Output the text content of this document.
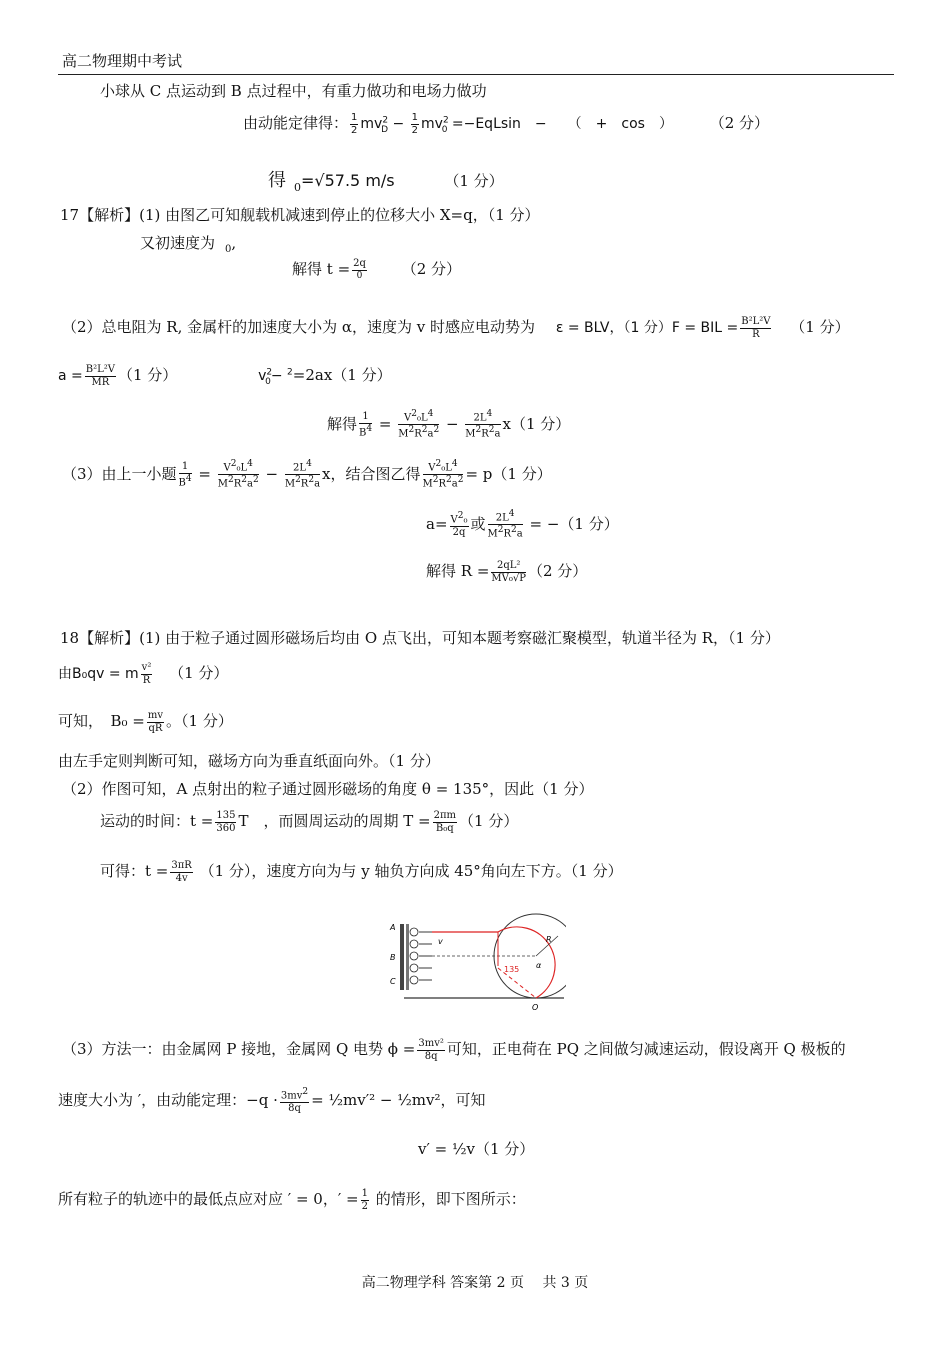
高二物理期中考试
小球从 C 点运动到 B 点过程中，有重力做功和电场力做功
由动能定律得： $\frac{1}{2} mv^2_D - \frac{1}{2} mv^2_0 =-EqLsin$　−　　（　+　cos　） （2 分）
得 $_0$=√57.5 m/s	（1 分）
17【解析】(1) 由图乙可知舰载机减速到停止的位移大小 X=q，（1 分）
又初速度为 $_0$,
解得 $t = \frac{2q}{0} (2$ 分）
（2）总电阻为 R, 金属杆的加速度大小为 α，速度为 v 时感应电动势为 ε = BLV，（1 分）F = BIL = $\frac{\text{B²L²V}}{R} (1$ 分）
$a = \frac{\text{B²L²V}}{MR} (1$ 分）	$v^2_0- ^2=2ax(1$ 分）
解得 $\frac{1}{B4} = \frac{\text{V2₀L4}}{M2R2a2} - \frac{2L4}{M2R2a} x(1$ 分）
（3）由上一小题 $\frac{1}{B4} = \frac{\text{V2₀L4}}{M2R2a2} - \frac{2L4}{M2R2a}$ x，结合图乙得 $\frac{\text{V2₀L4}}{M2R2a2} = p(1$ 分）
$a= \frac{\text{V2₀}}{2q}$ 或 $\frac{2L4}{M2R2a} = -(1$ 分）
解得 $R = \frac{\text{2qL²}}{\text{MV₀√P}} (2$ 分）
18【解析】(1) 由于粒子通过圆形磁场后均由 O 点飞出，可知本题考察磁汇聚模型，轨道半径为 R，（1 分）
由B₀qv = m $\frac{\text{v²}}{R} (1$ 分）
可知，　$B_0 = \frac{mv}{qR}$ 。（1 分）
由左手定则判断可知，磁场方向为垂直纸面向外。（1 分）
（2）作图可知，A 点射出的粒子通过圆形磁场的角度 θ = 135°，因此（1 分）
运动的时间：$t = \frac{135}{360}$ T　，而圆周运动的周期 $T = \frac{2\pi m}{\text{B₀q}} (1$ 分）
可得：$t = \frac{3\pi R}{4v} (1$ 分），速度方向为与 y 轴负方向成 45°角向左下方。（1 分）
A
B
C
v	R
α
O
135
（3）方法一：由金属网 P 接地，金属网 Q 电势 $\phi = \frac{\text{3mv²}}{8q}$ 可知，正电荷在 PQ 之间做匀减速运动，假设离开 Q 极板的
速度大小为 ′，由动能定理：$-q \cdot \frac{3mv2}{8q}$ = ½mv′² − ½mv²，可知
v′ = ½v（1 分）
所有粒子的轨迹中的最低点应对应 ′ = 0，′ = $\frac{1}{2}$ 的情形，即下图所示：
高二物理学科 答案第 2 页　 共 3 页
